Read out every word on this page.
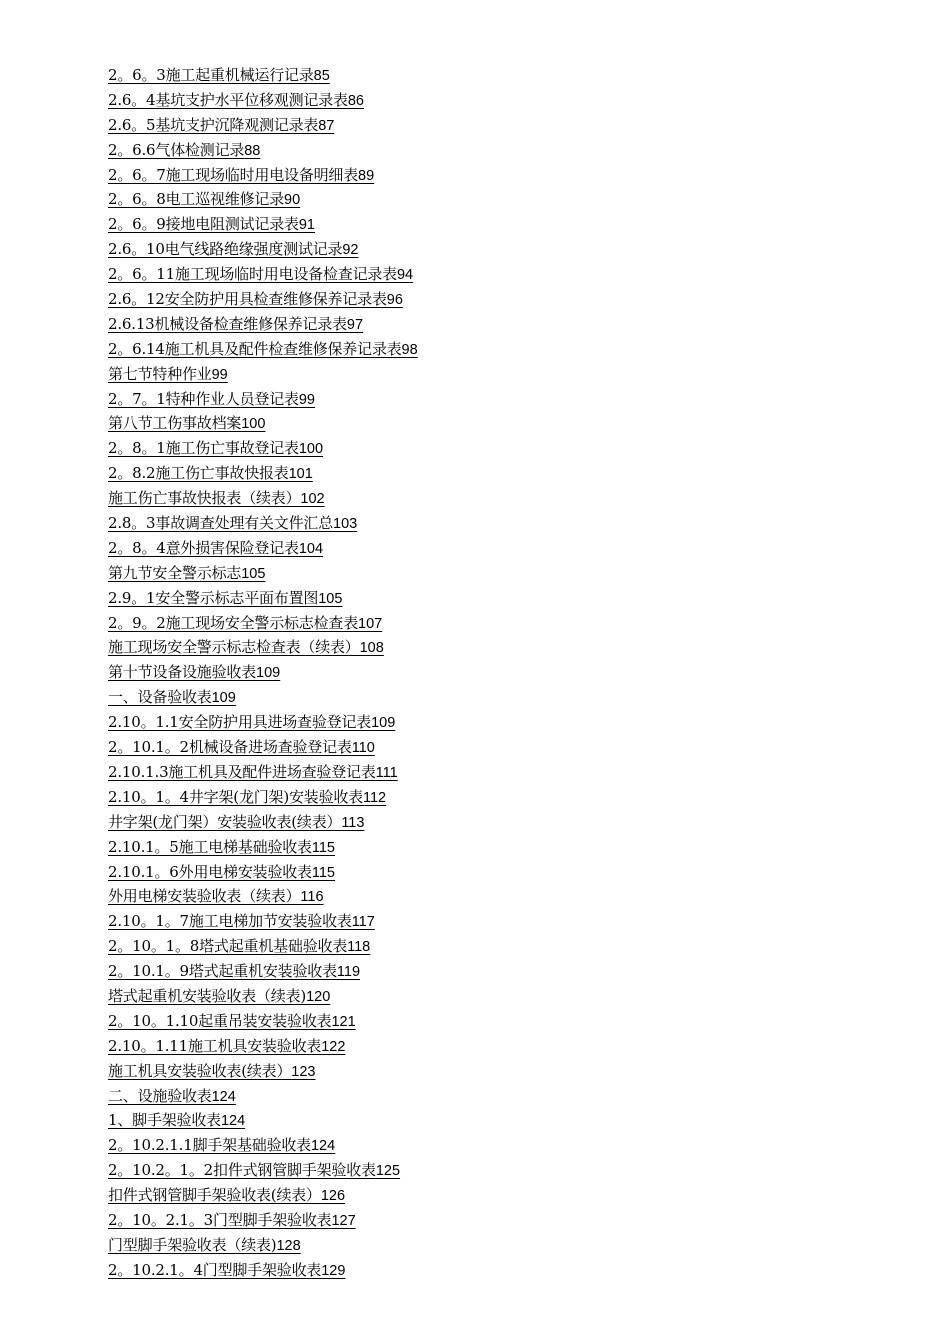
2。6。3施工起重机械运行记录85
2.6。4基坑支护水平位移观测记录表86
2.6。5基坑支护沉降观测记录表87
2。6.6气体检测记录88
2。6。7施工现场临时用电设备明细表89
2。6。8电工巡视维修记录90
2。6。9接地电阻测试记录表91
2.6。10电气线路绝缘强度测试记录92
2。6。11施工现场临时用电设备检查记录表94
2.6。12安全防护用具检查维修保养记录表96
2.6.13机械设备检查维修保养记录表97
2。6.14施工机具及配件检查维修保养记录表98
第七节特种作业99
2。7。1特种作业人员登记表99
第八节工伤事故档案100
2。8。1施工伤亡事故登记表100
2。8.2施工伤亡事故快报表101
施工伤亡事故快报表（续表）102
2.8。3事故调查处理有关文件汇总103
2。8。4意外损害保险登记表104
第九节安全警示标志105
2.9。1安全警示标志平面布置图105
2。9。2施工现场安全警示标志检查表107
施工现场安全警示标志检查表（续表）108
第十节设备设施验收表109
一、设备验收表109
2.10。1.1安全防护用具进场查验登记表109
2。10.1。2机械设备进场查验登记表110
2.10.1.3施工机具及配件进场查验登记表111
2.10。1。4井字架(龙门架)安装验收表112
井字架(龙门架）安装验收表(续表）113
2.10.1。5施工电梯基础验收表115
2.10.1。6外用电梯安装验收表115
外用电梯安装验收表（续表）116
2.10。1。7施工电梯加节安装验收表117
2。10。1。8塔式起重机基础验收表118
2。10.1。9塔式起重机安装验收表119
塔式起重机安装验收表（续表)120
2。10。1.10起重吊装安装验收表121
2.10。1.11施工机具安装验收表122
施工机具安装验收表(续表）123
二、设施验收表124
1、脚手架验收表124
2。10.2.1.1脚手架基础验收表124
2。10.2。1。2扣件式钢管脚手架验收表125
扣件式钢管脚手架验收表(续表）126
2。10。2.1。3门型脚手架验收表127
门型脚手架验收表（续表)128
2。10.2.1。4门型脚手架验收表129
